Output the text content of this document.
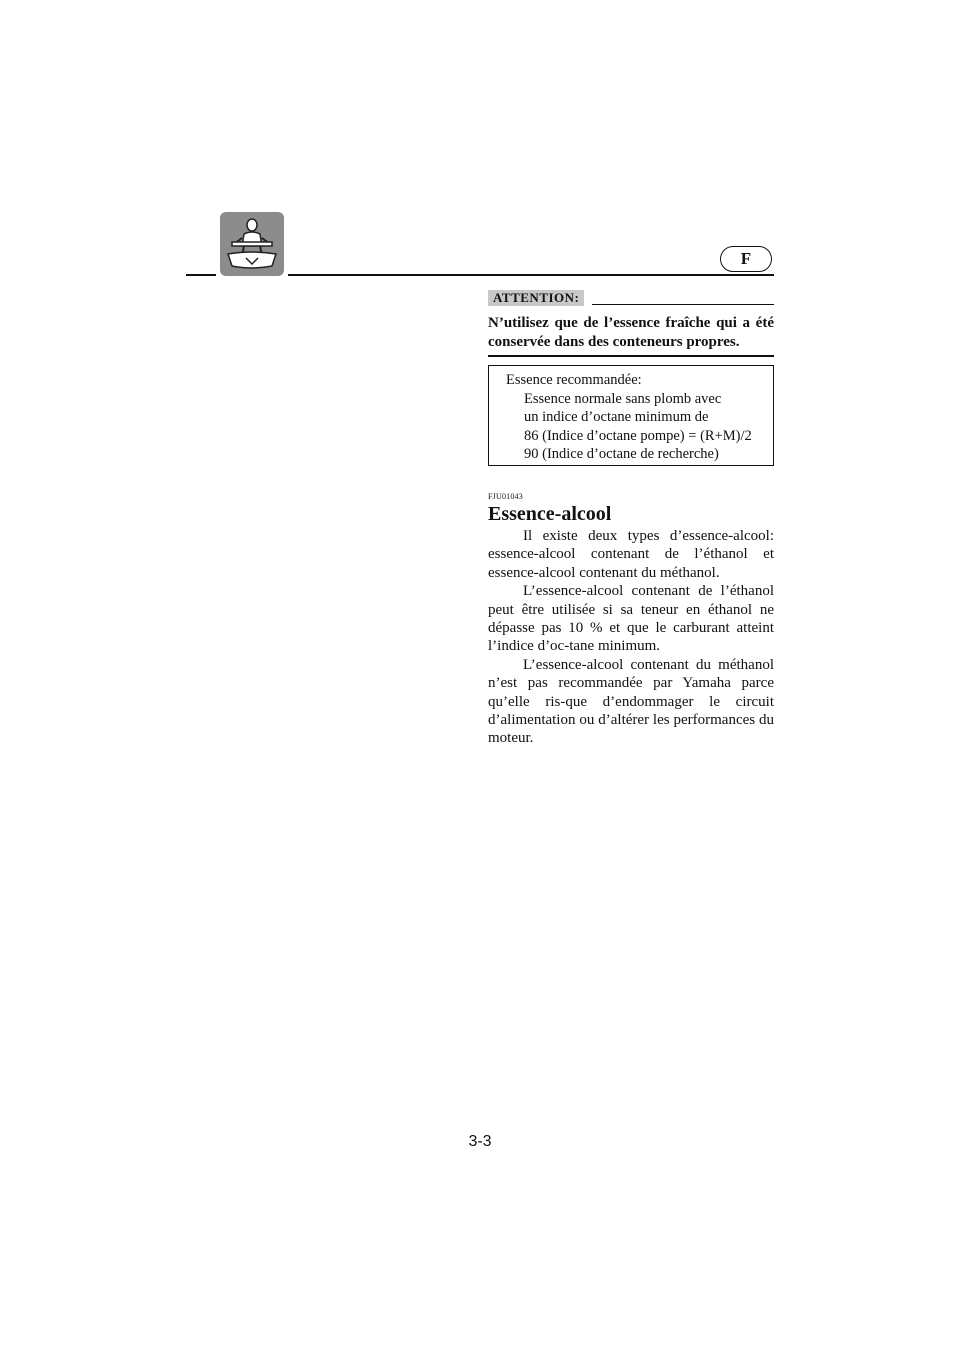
F
ATTENTION:
N’utilisez que de l’essence fraîche qui a été conservée dans des conteneurs propres.
Essence recommandée:
Essence normale sans plomb avec
un indice d’octane minimum de
86 (Indice d’octane pompe) = (R+M)/2
90 (Indice d’octane de recherche)
FJU01043
Essence-alcool

Il existe deux types d’essence-alcool: essence-alcool contenant de l’éthanol et essence-alcool contenant du méthanol.

L’essence-alcool contenant de l’éthanol peut être utilisée si sa teneur en éthanol ne dépasse pas 10 % et que le carburant atteint l’indice d’oc-tane minimum.

L’essence-alcool contenant du méthanol n’est pas recommandée par Yamaha parce qu’elle ris-que d’endommager le circuit d’alimentation ou d’altérer les performances du moteur.

3-3
